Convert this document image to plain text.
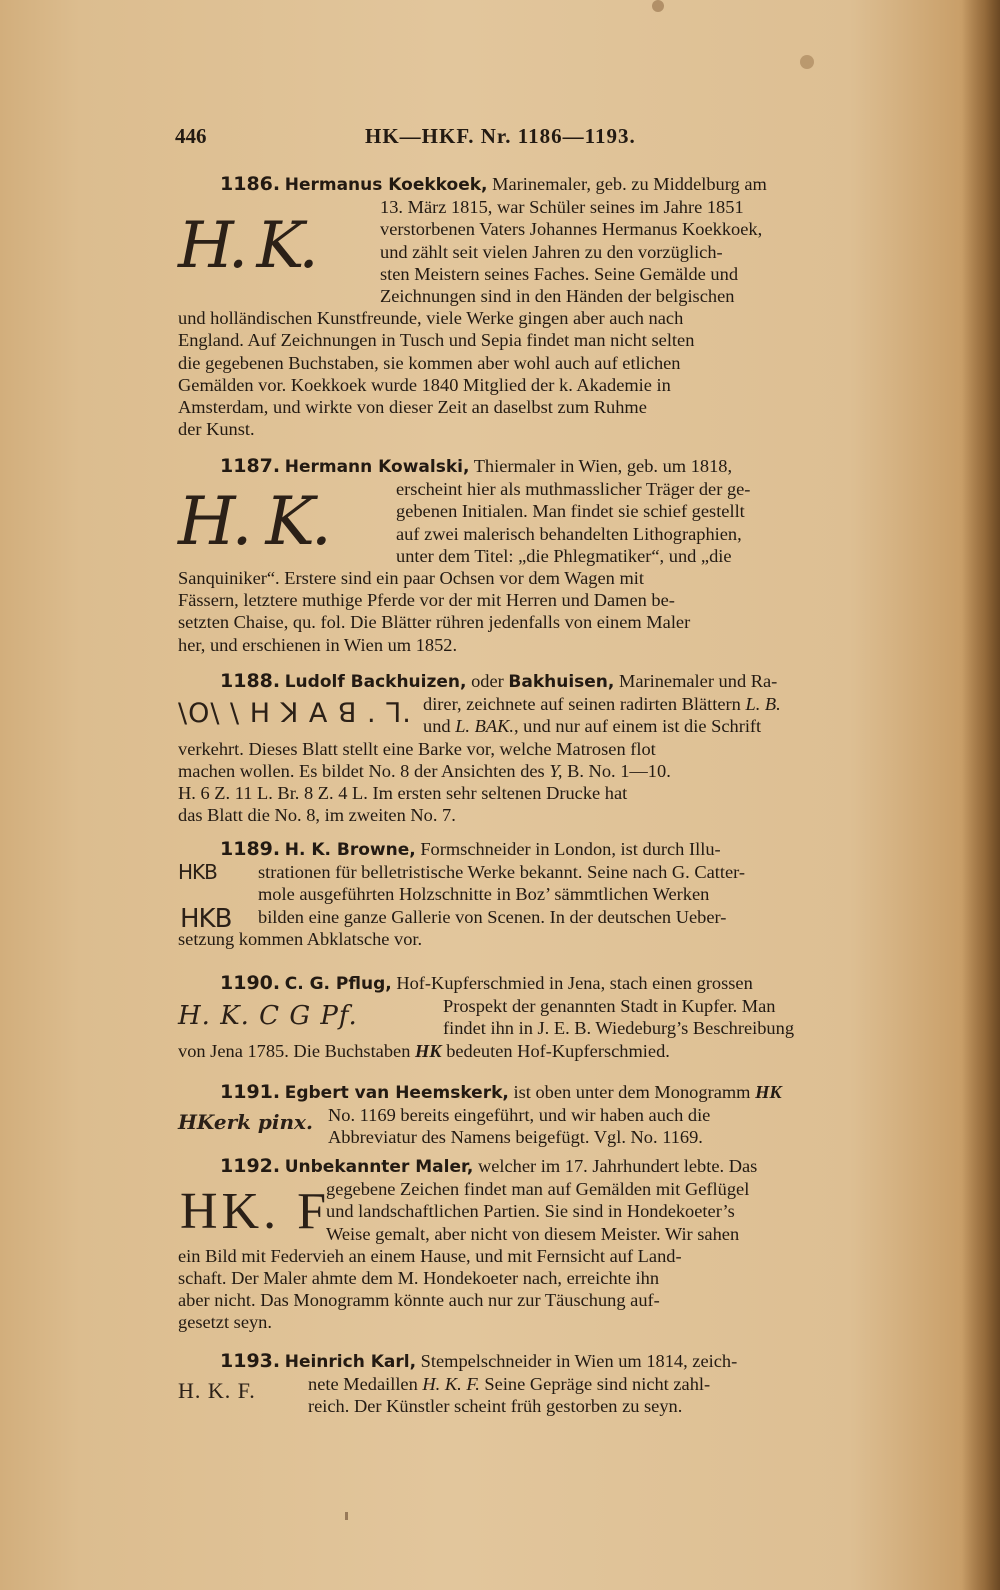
446	HK—HKF. Nr. 1186—1193.
1186. Hermanus Koekkoek, Marinemaler, geb. zu Middelburg am
H. K.
13. März 1815, war Schüler seines im Jahre 1851
verstorbenen Vaters Johannes Hermanus Koekkoek,
und zählt seit vielen Jahren zu den vorzüglich-
sten Meistern seines Faches. Seine Gemälde und
Zeichnungen sind in den Händen der belgischen
und holländischen Kunstfreunde, viele Werke gingen aber auch nach
England. Auf Zeichnungen in Tusch und Sepia findet man nicht selten
die gegebenen Buchstaben, sie kommen aber wohl auch auf etlichen
Gemälden vor. Koekkoek wurde 1840 Mitglied der k. Akademie in
Amsterdam, und wirkte von dieser Zeit an daselbst zum Ruhme
der Kunst.
1187. Hermann Kowalski, Thiermaler in Wien, geb. um 1818,
H. K.	erscheint hier als muthmasslicher Träger der ge-
gebenen Initialen. Man findet sie schief gestellt
auf zwei malerisch behandelten Lithographien,
unter dem Titel: „die Phlegmatiker“, und „die
Sanquiniker“. Erstere sind ein paar Ochsen vor dem Wagen mit
Fässern, letztere muthige Pferde vor der mit Herren und Damen be-
setzten Chaise, qu. fol. Die Blätter rühren jedenfalls von einem Maler
her, und erschienen in Wien um 1852.
1188. Ludolf Backhuizen, oder Bakhuisen, Marinemaler und Ra-
\O\ \ H ꓘ A ꓭ . ꓶ. direr, zeichnete auf seinen radirten Blättern L. B.
und L. BAK., und nur auf einem ist die Schrift
verkehrt. Dieses Blatt stellt eine Barke vor, welche Matrosen flot
machen wollen. Es bildet No. 8 der Ansichten des Y, B. No. 1—10.
H. 6 Z. 11 L. Br. 8 Z. 4 L. Im ersten sehr seltenen Drucke hat
das Blatt die No. 8, im zweiten No. 7.
1189. H. K. Browne, Formschneider in London, ist durch Illu-
HKB
HKB
strationen für belletristische Werke bekannt. Seine nach G. Catter-
mole ausgeführten Holzschnitte in Boz’ sämmtlichen Werken
bilden eine ganze Gallerie von Scenen. In der deutschen Ueber-
setzung kommen Abklatsche vor.
1190. C. G. Pflug, Hof-Kupferschmied in Jena, stach einen grossen
H. K. C G Pf.	Prospekt der genannten Stadt in Kupfer. Man
findet ihn in J. E. B. Wiedeburg’s Beschreibung
von Jena 1785. Die Buchstaben HK bedeuten Hof-Kupferschmied.
1191. Egbert van Heemskerk, ist oben unter dem Monogramm HK
HKerk pinx. No. 1169 bereits eingeführt, und wir haben auch die
Abbreviatur des Namens beigefügt. Vgl. No. 1169.
1192. Unbekannter Maler, welcher im 17. Jahrhundert lebte. Das
HK. F
gegebene Zeichen findet man auf Gemälden mit Geflügel
und landschaftlichen Partien. Sie sind in Hondekoeter’s
Weise gemalt, aber nicht von diesem Meister. Wir sahen
ein Bild mit Federvieh an einem Hause, und mit Fernsicht auf Land-
schaft. Der Maler ahmte dem M. Hondekoeter nach, erreichte ihn
aber nicht. Das Monogramm könnte auch nur zur Täuschung auf-
gesetzt seyn.
1193. Heinrich Karl, Stempelschneider in Wien um 1814, zeich-
H. K. F.	nete Medaillen H. K. F. Seine Gepräge sind nicht zahl-
reich. Der Künstler scheint früh gestorben zu seyn.
